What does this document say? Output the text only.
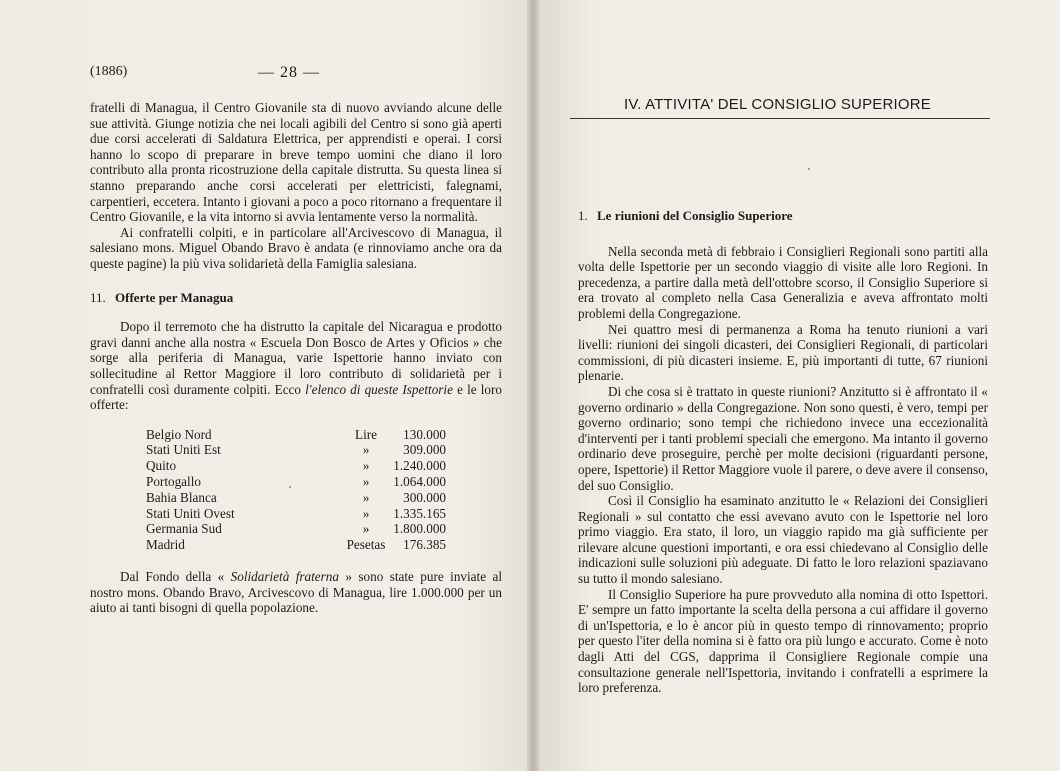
(1886)	— 28 —

fratelli di Managua, il Centro Giovanile sta di nuovo avviando alcune delle sue attività. Giunge notizia che nei locali agibili del Centro si sono già aperti due corsi accelerati di Saldatura Elettrica, per apprendisti e operai. I corsi hanno lo scopo di preparare in breve tempo uomini che diano il loro contributo alla pronta ricostruzione della capitale distrutta. Su questa linea si stanno preparando anche corsi accelerati per elettricisti, falegnami, carpentieri, eccetera. Intanto i giovani a poco a poco ritornano a frequentare il Centro Giovanile, e la vita intorno si avvia lentamente verso la normalità.

Ai confratelli colpiti, e in particolare all'Arcivescovo di Managua, il salesiano mons. Miguel Obando Bravo è andata (e rinnoviamo anche ora da queste pagine) la più viva solidarietà della Famiglia salesiana.

11. Offerte per Managua

Dopo il terremoto che ha distrutto la capitale del Nicaragua e prodotto gravi danni anche alla nostra « Escuela Don Bosco de Artes y Oficios » che sorge alla periferia di Managua, varie Ispettorie hanno inviato con sollecitudine al Rettor Maggiore il loro contributo di solidarietà per i confratelli così duramente colpiti. Ecco l'elenco di queste Ispettorie e le loro offerte:

Belgio Nord	Lire	130.000
Stati Uniti Est	»	309.000
Quito	»	1.240.000
Portogallo	»	1.064.000
Bahia Blanca	»	300.000
Stati Uniti Ovest	»	1.335.165
Germania Sud	»	1.800.000
Madrid	Pesetas	176.385

Dal Fondo della « Solidarietà fraterna » sono state pure inviate al nostro mons. Obando Bravo, Arcivescovo di Managua, lire 1.000.000 per un aiuto ai tanti bisogni di quella popolazione.

IV. ATTIVITA' DEL CONSIGLIO SUPERIORE

1. Le riunioni del Consiglio Superiore

Nella seconda metà di febbraio i Consiglieri Regionali sono partiti alla volta delle Ispettorie per un secondo viaggio di visite alle loro Regioni. In precedenza, a partire dalla metà dell'ottobre scorso, il Consiglio Superiore si era trovato al completo nella Casa Generalizia e aveva affrontato molti problemi della Congregazione.

Nei quattro mesi di permanenza a Roma ha tenuto riunioni a vari livelli: riunioni dei singoli dicasteri, dei Consiglieri Regionali, di particolari commissioni, di più dicasteri insieme. E, più importanti di tutte, 67 riunioni plenarie.

Di che cosa si è trattato in queste riunioni? Anzitutto si è affrontato il « governo ordinario » della Congregazione. Non sono questi, è vero, tempi per governo ordinario; sono tempi che richiedono invece una eccezionalità d'interventi per i tanti problemi speciali che emergono. Ma intanto il governo ordinario deve proseguire, perchè per molte decisioni (riguardanti persone, opere, Ispettorie) il Rettor Maggiore vuole il parere, o deve avere il consenso, del suo Consiglio.

Così il Consiglio ha esaminato anzitutto le « Relazioni dei Consiglieri Regionali » sul contatto che essi avevano avuto con le Ispettorie nel loro primo viaggio. Era stato, il loro, un viaggio rapido ma già sufficiente per rilevare alcune questioni importanti, e ora essi chiedevano al Consiglio delle indicazioni sulle soluzioni più adeguate. Di fatto le loro relazioni spaziavano su tutto il mondo salesiano.

Il Consiglio Superiore ha pure provveduto alla nomina di otto Ispettori. E' sempre un fatto importante la scelta della persona a cui affidare il governo di un'Ispettoria, e lo è ancor più in questo tempo di rinnovamento; proprio per questo l'iter della nomina si è fatto ora più lungo e accurato. Come è noto dagli Atti del CGS, dapprima il Consigliere Regionale compie una consultazione generale nell'Ispettoria, invitando i confratelli a esprimere la loro preferenza.
